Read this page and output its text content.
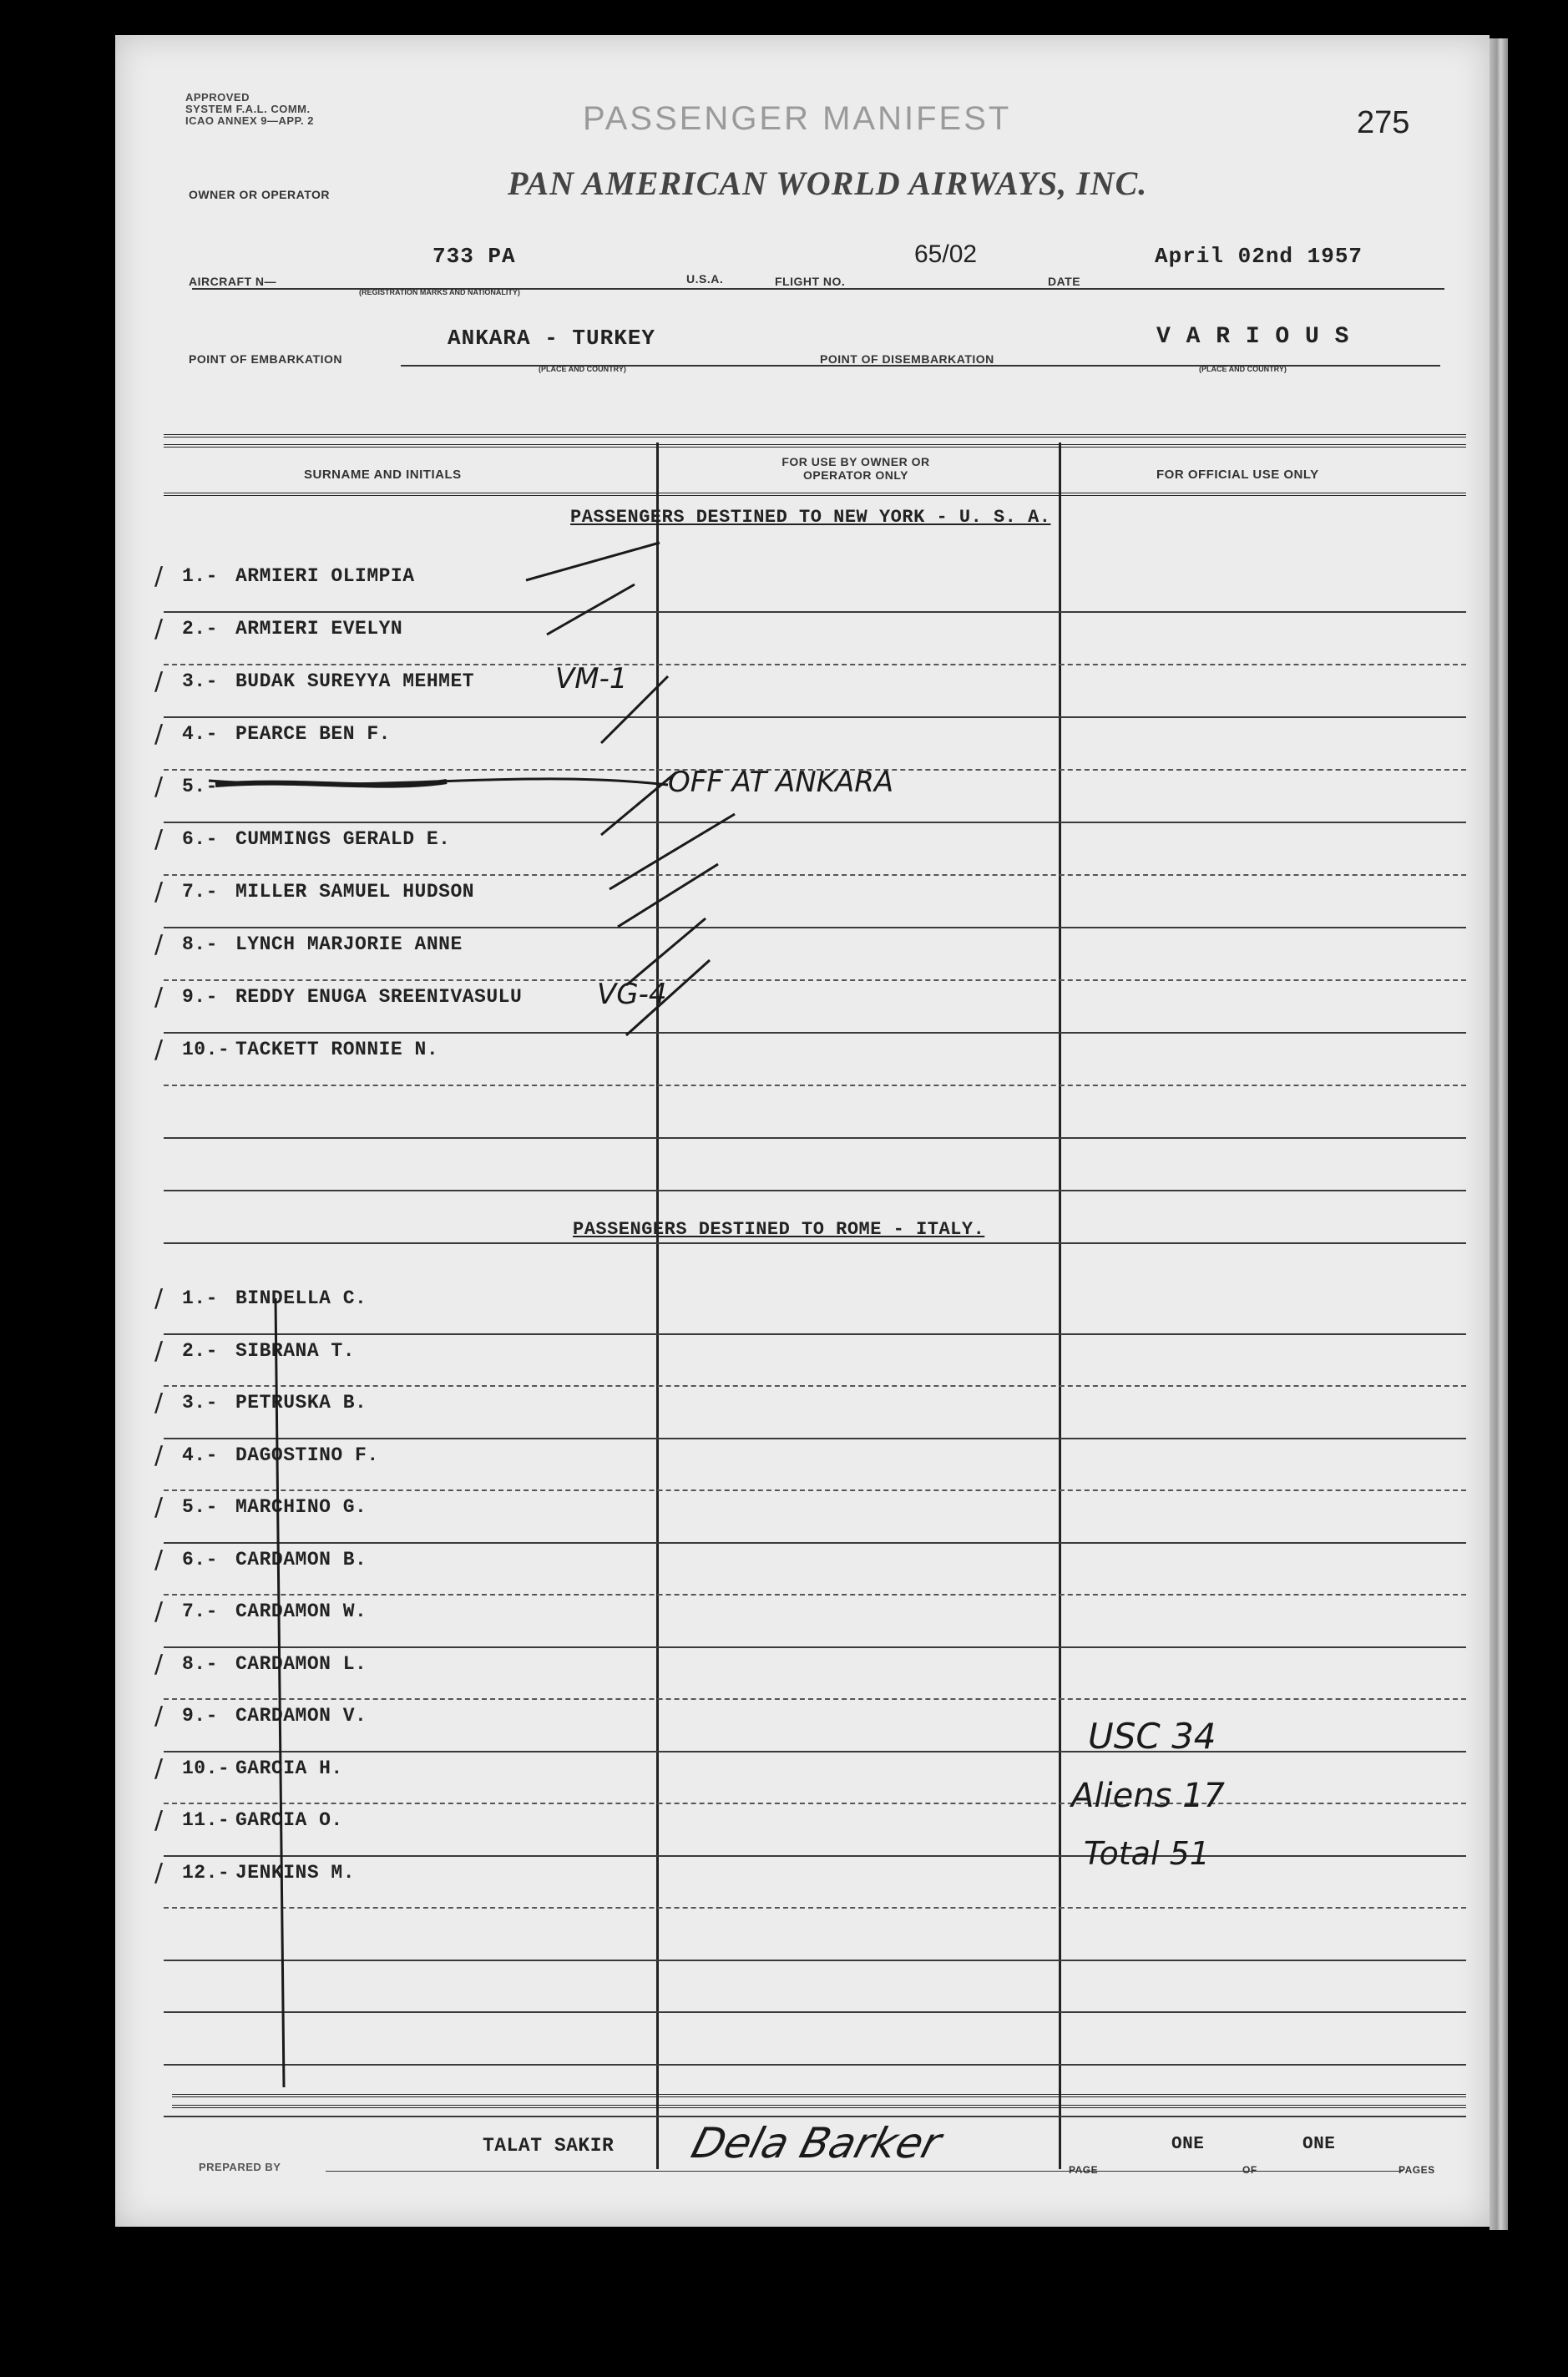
APPROVED
SYSTEM F.A.L. COMM.
ICAO ANNEX 9—APP. 2	PASSENGER MANIFEST	275
OWNER OR OPERATOR	PAN AMERICAN WORLD AIRWAYS, INC.
AIRCRAFT N—
733 PA
(REGISTRATION MARKS AND NATIONALITY)
U.S.A.	FLIGHT NO.
65/02
DATE
April 02nd 1957
POINT OF EMBARKATION
ANKARA - TURKEY
(PLACE AND COUNTRY)
POINT OF DISEMBARKATION
V A R I O U S
(PLACE AND COUNTRY)
SURNAME AND INITIALS
FOR USE BY OWNER OR OPERATOR ONLY	FOR OFFICIAL USE ONLY
PASSENGERS DESTINED TO NEW YORK - U. S. A.
∕ 1.- ARMIERI OLIMPIA
∕ 2.- ARMIERI EVELYN
∕ 3.- BUDAK SUREYYA MEHMET	VM-1
∕ 4.- PEARCE BEN F.
∕ 5.-	OFF AT ANKARA
∕ 6.- CUMMINGS GERALD E.
∕ 7.- MILLER SAMUEL HUDSON
∕ 8.- LYNCH MARJORIE ANNE
∕ 9.- REDDY ENUGA SREENIVASULU	VG-4
∕ 10.- TACKETT RONNIE N.
PASSENGERS DESTINED TO ROME - ITALY.
∕ 1.- BINDELLA C.
∕ 2.- SIBRANA T.
∕ 3.- PETRUSKA B.
∕ 4.- DAGOSTINO F.
∕ 5.- MARCHINO G.
∕ 6.- CARDAMON B.
∕ 7.- CARDAMON W.
∕ 8.- CARDAMON L.
∕ 9.- CARDAMON V.
∕ 10.- GARCIA H.
∕ 11.- GARCIA O.
∕ 12.- JENKINS M.
USC 34
Aliens 17
Total 51
PREPARED BY
TALAT SAKIR Dela Barker
PAGE
ONE
OF
ONE
PAGES
